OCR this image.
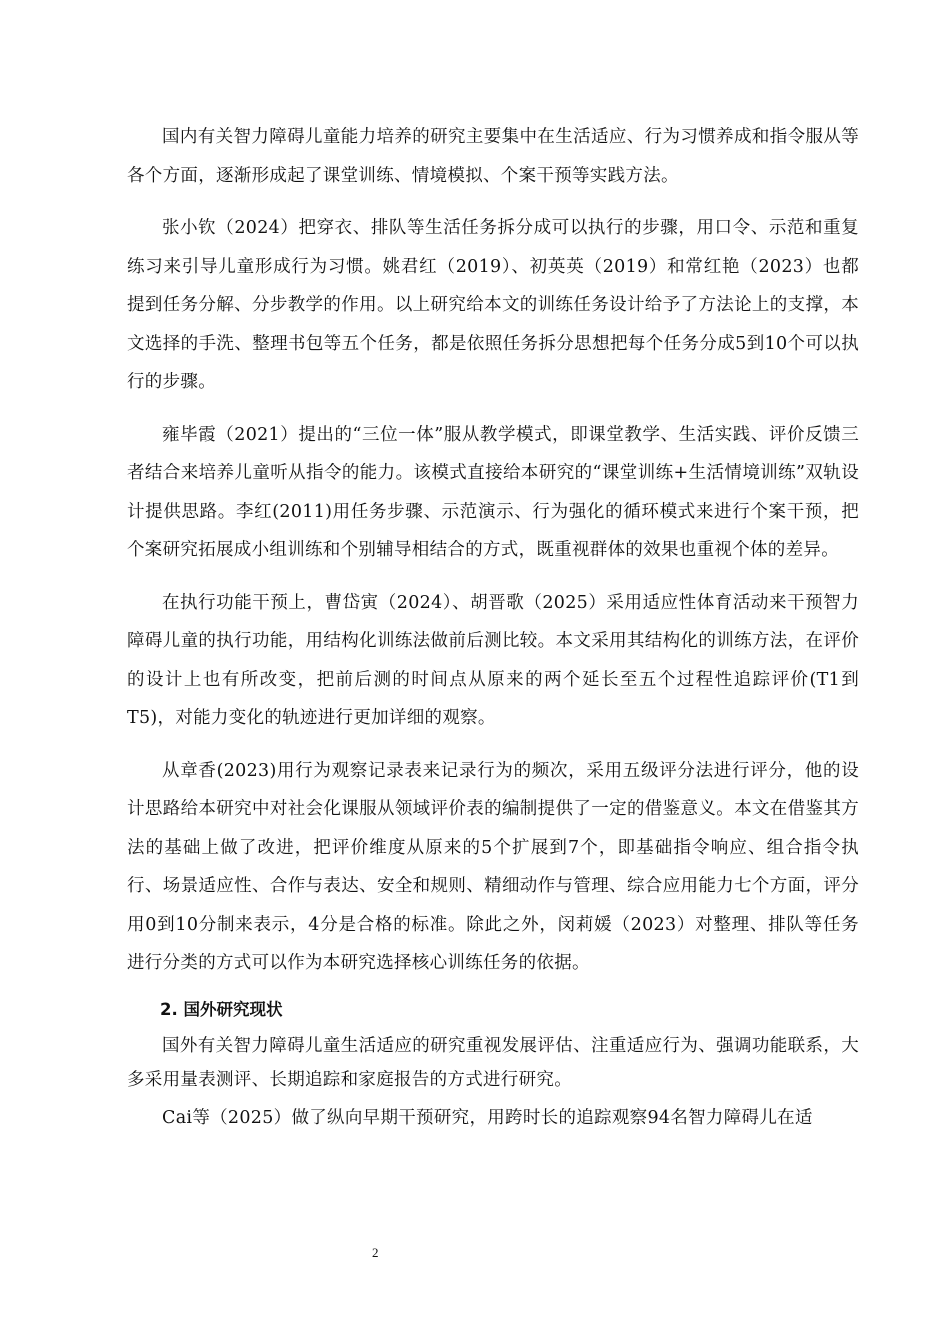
国内有关智力障碍儿童能力培养的研究主要集中在生活适应、行为习惯养成和指令服从等各个方面，逐渐形成起了课堂训练、情境模拟、个案干预等实践方法。

张小钦（2024）把穿衣、排队等生活任务拆分成可以执行的步骤，用口令、示范和重复练习来引导儿童形成行为习惯。姚君红（2019）、初英英（2019）和常红艳（2023）也都提到任务分解、分步教学的作用。以上研究给本文的训练任务设计给予了方法论上的支撑，本文选择的手洗、整理书包等五个任务，都是依照任务拆分思想把每个任务分成5到10个可以执行的步骤。

雍毕霞（2021）提出的“三位一体”服从教学模式，即课堂教学、生活实践、评价反馈三者结合来培养儿童听从指令的能力。该模式直接给本研究的“课堂训练+生活情境训练”双轨设计提供思路。李红(2011)用任务步骤、示范演示、行为强化的循环模式来进行个案干预，把个案研究拓展成小组训练和个别辅导相结合的方式，既重视群体的效果也重视个体的差异。

在执行功能干预上，曹岱寅（2024）、胡晋歌（2025）采用适应性体育活动来干预智力障碍儿童的执行功能，用结构化训练法做前后测比较。本文采用其结构化的训练方法，在评价的设计上也有所改变，把前后测的时间点从原来的两个延长至五个过程性追踪评价(T1到T5)，对能力变化的轨迹进行更加详细的观察。

从章香(2023)用行为观察记录表来记录行为的频次，采用五级评分法进行评分，他的设计思路给本研究中对社会化课服从领域评价表的编制提供了一定的借鉴意义。本文在借鉴其方法的基础上做了改进，把评价维度从原来的5个扩展到7个，即基础指令响应、组合指令执行、场景适应性、合作与表达、安全和规则、精细动作与管理、综合应用能力七个方面，评分用0到10分制来表示，4分是合格的标准。除此之外，闵莉媛（2023）对整理、排队等任务进行分类的方式可以作为本研究选择核心训练任务的依据。

2. 国外研究现状

国外有关智力障碍儿童生活适应的研究重视发展评估、注重适应行为、强调功能联系，大多采用量表测评、长期追踪和家庭报告的方式进行研究。

Cai等（2025）做了纵向早期干预研究，用跨时长的追踪观察94名智力障碍儿在适

2
